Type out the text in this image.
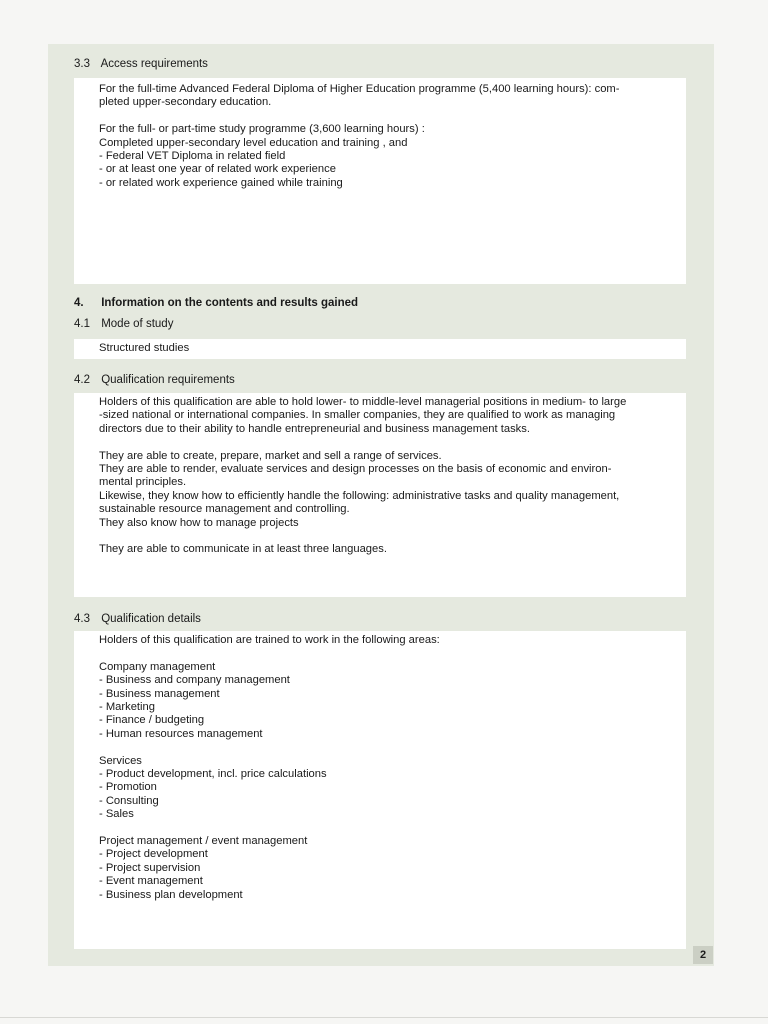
3.3 Access requirements
For the full-time Advanced Federal Diploma of Higher Education programme (5,400 learning hours): com-
pleted upper-secondary education.
For the full- or part-time study programme (3,600 learning hours) :
Completed upper-secondary level education and training , and
- Federal VET Diploma in related field
- or at least one year of related work experience
- or related work experience gained while training
4. Information on the contents and results gained
4.1 Mode of study
Structured studies
4.2 Qualification requirements
Holders of this qualification are able to hold lower- to middle-level managerial positions in medium- to large
-sized national or international companies. In smaller companies, they are qualified to work as managing
directors due to their ability to handle entrepreneurial and business management tasks.
They are able to create, prepare, market and sell a range of services.
They are able to render, evaluate services and design processes on the basis of economic and environ-
mental principles.
Likewise, they know how to efficiently handle the following: administrative tasks and quality management,
sustainable resource management and controlling.
They also know how to manage projects
They are able to communicate in at least three languages.
4.3 Qualification details
Holders of this qualification are trained to work in the following areas:
Company management
- Business and company management
- Business management
- Marketing
- Finance / budgeting
- Human resources management
Services
- Product development, incl. price calculations
- Promotion
- Consulting
- Sales
Project management / event management
- Project development
- Project supervision
- Event management
- Business plan development
2
